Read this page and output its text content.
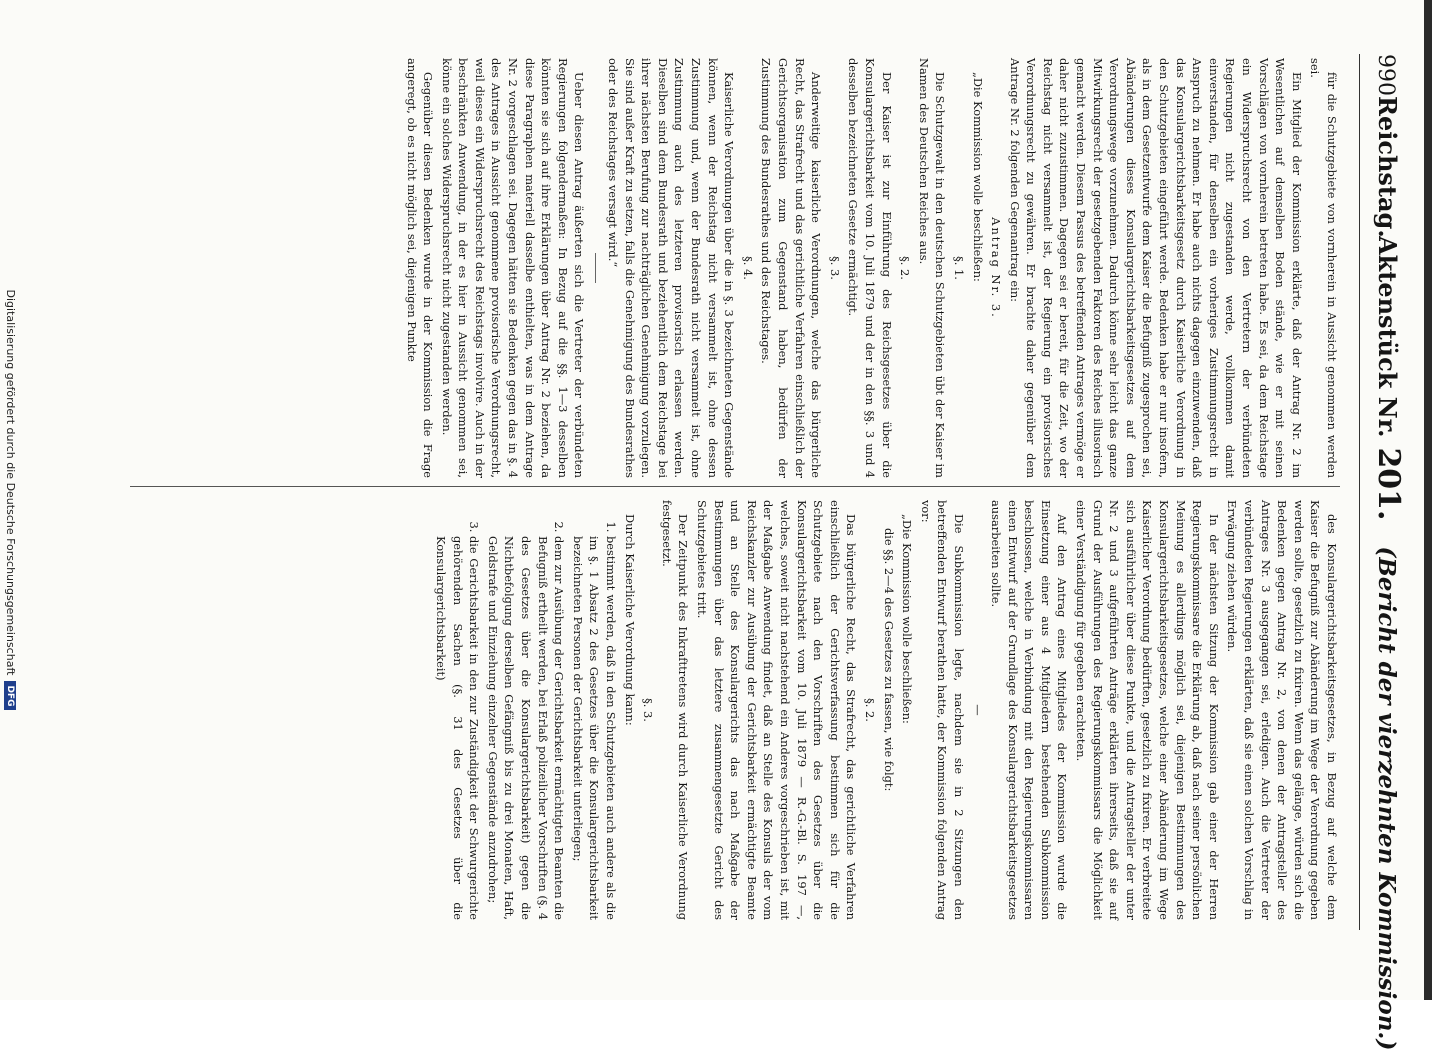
990
Reichstag.
Aktenstück Nr.
201.
(Bericht der vierzehnten Kommission.)

für die Schutzgebiete von vornherein in Aussicht genommen werden sei.

Ein Mitglied der Kommission erklärte, daß der Antrag Nr. 2 im Wesentlichen auf demselben Boden stände, wie er mit seinen Vorschlägen von vornherein betreten habe. Es sei, da dem Reichstage ein Widerspruchsrecht von den Vertretern der verbündeten Regierungen nicht zugestanden werde, vollkommen damit einverstanden, für denselben ein vorheriges Zustimmungsrecht in Anspruch zu nehmen. Er habe auch nichts dagegen einzuwenden, daß das Konsulargerichtsbarkeitsgesetz durch Kaiserliche Verordnung in den Schutzgebieten eingeführt werde. Bedenken habe er nur insofern, als in dem Gesetzentwurfe dem Kaiser die Befugniß zugesprochen sei, Abänderungen dieses Konsulargerichtsbarkeitsgesetzes auf dem Verordnungswege vorzunehmen. Dadurch könne sehr leicht das ganze Mitwirkungsrecht der gesetzgebenden Faktoren des Reiches illusorisch gemacht werden. Diesem Passus des betreffenden Antrages vermöge er daher nicht zuzustimmen. Dagegen sei er bereit, für die Zeit, wo der Reichstag nicht versammelt ist, der Regierung ein provisorisches Verordnungsrecht zu gewähren. Er brachte daher gegenüber dem Antrage Nr. 2 folgenden Gegenantrag ein:

Antrag Nr. 3.

„Die Kommission wolle beschließen:

§. 1.

Die Schutzgewalt in den deutschen Schutzgebieten übt der Kaiser im Namen des Deutschen Reiches aus.

§. 2.

Der Kaiser ist zur Einführung des Reichsgesetzes über die Konsulargerichtsbarkeit vom 10. Juli 1879 und der in den §§. 3 und 4 desselben bezeichneten Gesetze ermächtigt.

§. 3.

Anderweitige kaiserliche Verordnungen, welche das bürgerliche Recht, das Strafrecht und das gerichtliche Verfahren einschließlich der Gerichtsorganisation zum Gegenstand haben, bedürfen der Zustimmung des Bundesrathes und des Reichstages.

§. 4.

Kaiserliche Verordnungen über die in §. 3 bezeichneten Gegenstände können, wenn der Reichstag nicht versammelt ist, ohne dessen Zustimmung und, wenn der Bundesrath nicht versammelt ist, ohne Zustimmung auch des letzteren provisorisch erlassen werden. Dieselben sind dem Bundesrath und beziehentlich dem Reichstage bei ihrer nächsten Berufung zur nachträglichen Genehmigung vorzulegen. Sie sind außer Kraft zu setzen, falls die Genehmigung des Bundesrathes oder des Reichstages versagt wird.“

Ueber diesen Antrag äußerten sich die Vertreter der verbündeten Regierungen folgendermaßen: In Bezug auf die §§. 1—3 desselben könnten sie sich auf ihre Erklärungen über Antrag Nr. 2 beziehen, da diese Paragraphen materiell dasselbe enthielten, was in dem Antrage Nr. 2 vorgeschlagen sei. Dagegen hätten sie Bedenken gegen das in §. 4 des Antrages in Aussicht genommene provisorische Verordnungsrecht, weil dieses ein Widerspruchsrecht des Reichstags involvire. Auch in der beschränkten Anwendung, in der es hier in Aussicht genommen sei, könne ein solches Widerspruchsrecht nicht zugestanden werden.

Gegenüber diesen Bedenken wurde in der Kommission die Frage angeregt, ob es nicht möglich sei, diejenigen Punkte

des Konsulargerichtsbarkeitsgesetzes, in Bezug auf welche dem Kaiser die Befugniß zur Abänderung im Wege der Verordnung gegeben werden sollte, gesetzlich zu fixiren. Wenn das gelänge, würden sich die Bedenken gegen Antrag Nr. 2, von denen der Antragsteller des Antrages Nr. 3 ausgegangen sei, erledigen. Auch die Vertreter der verbündeten Regierungen erklärten, daß sie einen solchen Vorschlag in Erwägung ziehen würden.

In der nächsten Sitzung der Kommission gab einer der Herren Regierungskommissare die Erklärung ab, daß nach seiner persönlichen Meinung es allerdings möglich sei, diejenigen Bestimmungen des Konsulargerichtsbarkeitsgesetzes, welche einer Abänderung im Wege Kaiserlicher Verordnung bedürften, gesetzlich zu fixiren. Er verbreitete sich ausführlicher über diese Punkte, und die Antragsteller der unter Nr. 2 und 3 aufgeführten Anträge erklärten ihrerseits, daß sie auf Grund der Ausführungen des Regierungskommissars die Möglichkeit einer Verständigung für gegeben erachteten.

Auf den Antrag eines Mitgliedes der Kommission wurde die Einsetzung einer aus 4 Mitgliedern bestehenden Subkommission beschlossen, welche in Verbindung mit den Regierungskommissaren einen Entwurf auf der Grundlage des Konsulargerichtsbarkeitsgesetzes ausarbeiten sollte.

—

Die Subkommission legte, nachdem sie in 2 Sitzungen den betreffenden Entwurf berathen hatte, der Kommission folgenden Antrag vor:

„Die Kommission wolle beschließen:

die §§. 2—4 des Gesetzes zu fassen, wie folgt:

§. 2.

Das bürgerliche Recht, das Strafrecht, das gerichtliche Verfahren einschließlich der Gerichtsverfassung bestimmen sich für die Schutzgebiete nach den Vorschriften des Gesetzes über die Konsulargerichtsbarkeit vom 10. Juli 1879 — R.-G.-Bl. S. 197 —, welches, soweit nicht nachstehend ein Anderes vorgeschrieben ist, mit der Maßgabe Anwendung findet, daß an Stelle des Konsuls der vom Reichskanzler zur Ausübung der Gerichtsbarkeit ermächtigte Beamte und an Stelle des Konsulargerichts das nach Maßgabe der Bestimmungen über das letztere zusammengesetzte Gericht des Schutzgebietes tritt.

Der Zeitpunkt des Inkrafttretens wird durch Kaiserliche Verordnung festgesetzt.

§. 3.

Durch Kaiserliche Verordnung kann:

1. bestimmt werden, daß in den Schutzgebieten auch andere als die im §. 1 Absatz 2 des Gesetzes über die Konsulargerichtsbarkeit bezeichneten Personen der Gerichtsbarkeit unterliegen;
2. dem zur Ausübung der Gerichtsbarkeit ermächtigten Beamten die Befugniß ertheilt werden, bei Erlaß polizeilicher Vorschriften (§. 4 des Gesetzes über die Konsulargerichtsbarkeit) gegen die Nichtbefolgung derselben Gefängniß bis zu drei Monaten, Haft, Geldstrafe und Einziehung einzelner Gegenstände anzudrohen;
3. die Gerichtsbarkeit in den zur Zuständigkeit der Schwurgerichte gehörenden Sachen (§. 31 des Gesetzes über die Konsulargerichtsbarkeit)
Digitalisierung gefördert durch die Deutsche Forschungsgemeinschaft
DFG
